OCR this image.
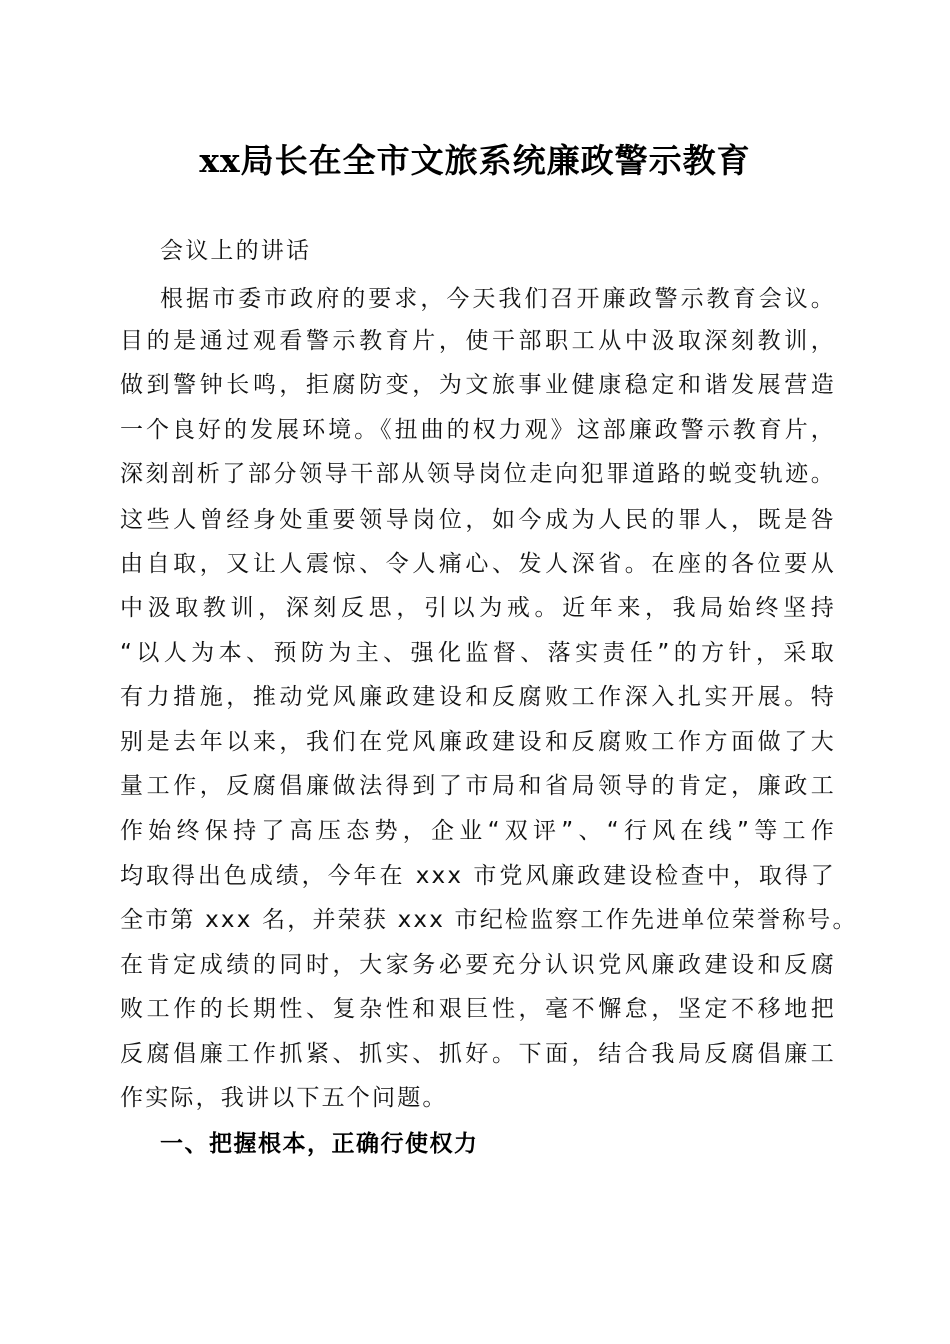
xx局长在全市文旅系统廉政警示教育
会议上的讲话
根据市委市政府的要求，今天我们召开廉政警示教育会议。
目的是通过观看警示教育片，使干部职工从中汲取深刻教训，
做到警钟长鸣，拒腐防变，为文旅事业健康稳定和谐发展营造
一个良好的发展环境。《扭曲的权力观》这部廉政警示教育片，
深刻剖析了部分领导干部从领导岗位走向犯罪道路的蜕变轨迹。
这些人曾经身处重要领导岗位，如今成为人民的罪人，既是咎
由自取，又让人震惊、令人痛心、发人深省。在座的各位要从
中汲取教训，深刻反思，引以为戒。近年来，我局始终坚持
“以人为本、预防为主、强化监督、落实责任”的方针，采取
有力措施，推动党风廉政建设和反腐败工作深入扎实开展。特
别是去年以来，我们在党风廉政建设和反腐败工作方面做了大
量工作，反腐倡廉做法得到了市局和省局领导的肯定，廉政工
作始终保持了高压态势，企业“双评”、“行风在线”等工作
均取得出色成绩，今年在 xxx 市党风廉政建设检查中，取得了
全市第 xxx 名，并荣获 xxx 市纪检监察工作先进单位荣誉称号。
在肯定成绩的同时，大家务必要充分认识党风廉政建设和反腐
败工作的长期性、复杂性和艰巨性，毫不懈怠，坚定不移地把
反腐倡廉工作抓紧、抓实、抓好。下面，结合我局反腐倡廉工
作实际，我讲以下五个问题。
一、把握根本，正确行使权力
